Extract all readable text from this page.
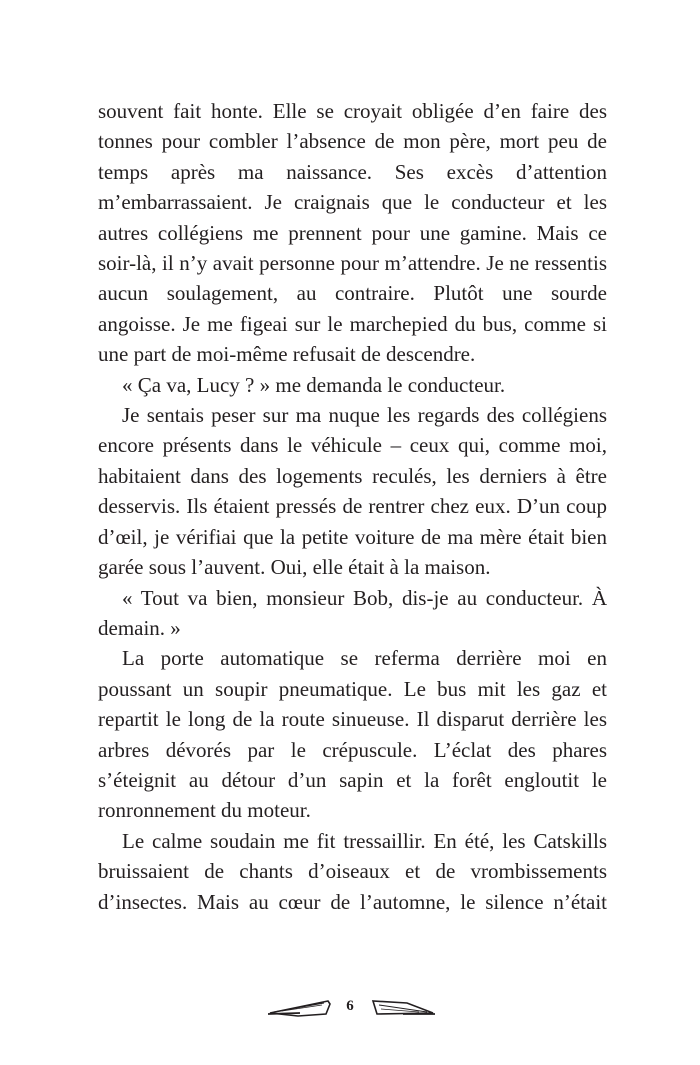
souvent fait honte. Elle se croyait obligée d’en faire des tonnes pour combler l’absence de mon père, mort peu de temps après ma naissance. Ses excès d’attention m’embarrassaient. Je craignais que le conducteur et les autres collégiens me prennent pour une gamine. Mais ce soir-là, il n’y avait personne pour m’attendre. Je ne ressentis aucun soulagement, au contraire. Plutôt une sourde angoisse. Je me figeai sur le marchepied du bus, comme si une part de moi-même refusait de descendre.

« Ça va, Lucy ? » me demanda le conducteur.

Je sentais peser sur ma nuque les regards des collégiens encore présents dans le véhicule – ceux qui, comme moi, habitaient dans des logements reculés, les derniers à être desservis. Ils étaient pressés de rentrer chez eux. D’un coup d’œil, je vérifiai que la petite voiture de ma mère était bien garée sous l’auvent. Oui, elle était à la maison.

« Tout va bien, monsieur Bob, dis-je au conducteur. À demain. »

La porte automatique se referma derrière moi en poussant un soupir pneumatique. Le bus mit les gaz et repartit le long de la route sinueuse. Il disparut derrière les arbres dévorés par le crépuscule. L’éclat des phares s’éteignit au détour d’un sapin et la forêt engloutit le ronronnement du moteur.

Le calme soudain me fit tressaillir. En été, les Catskills bruissaient de chants d’oiseaux et de vrombissements d’insectes. Mais au cœur de l’automne, le silence n’était

6
